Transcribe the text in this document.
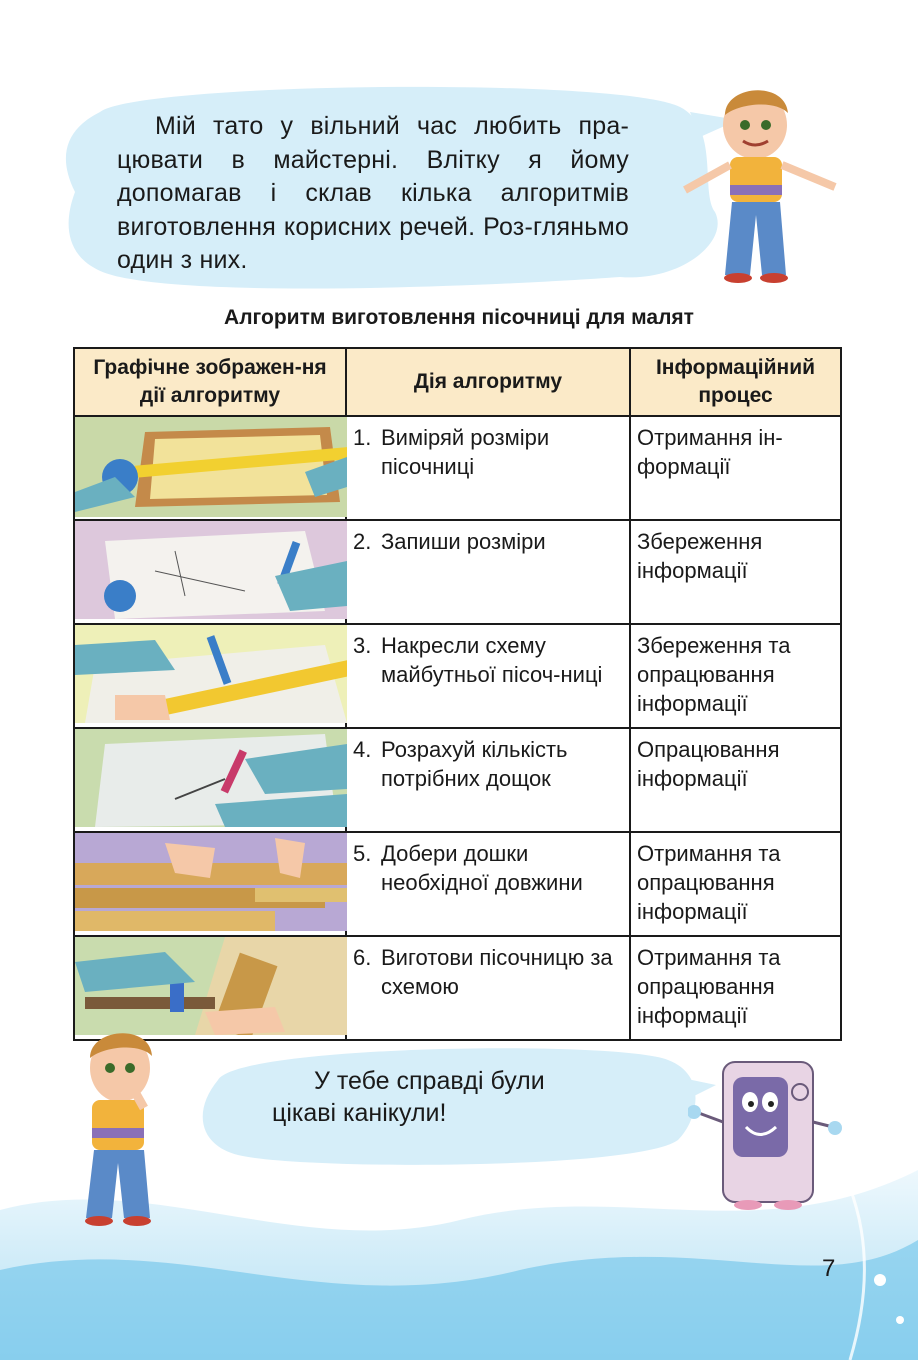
Мій тато у вільний час любить пра-цювати в майстерні. Влітку я йому допомагав і склав кілька алгоритмів виготовлення корисних речей. Роз-гляньмо один з них.
Алгоритм виготовлення пісочниці для малят
Графічне зображен-ня дії алгоритму	Дія алгоритму	Інформаційний процес

1. Виміряй розміри пісочниці	Отримання ін-формації

2. Запиши розміри	Збереження інформації

3. Накресли схему майбутньої пісоч-ниці	Збереження та опрацювання інформації

4. Розрахуй кількість потрібних дощок	Опрацювання інформації

5. Добери дошки необхідної довжини	Отримання та опрацювання інформації

6. Виготови пісочницю за схемою	Отримання та опрацювання інформації
У тебе справді були цікаві канікули!
7
